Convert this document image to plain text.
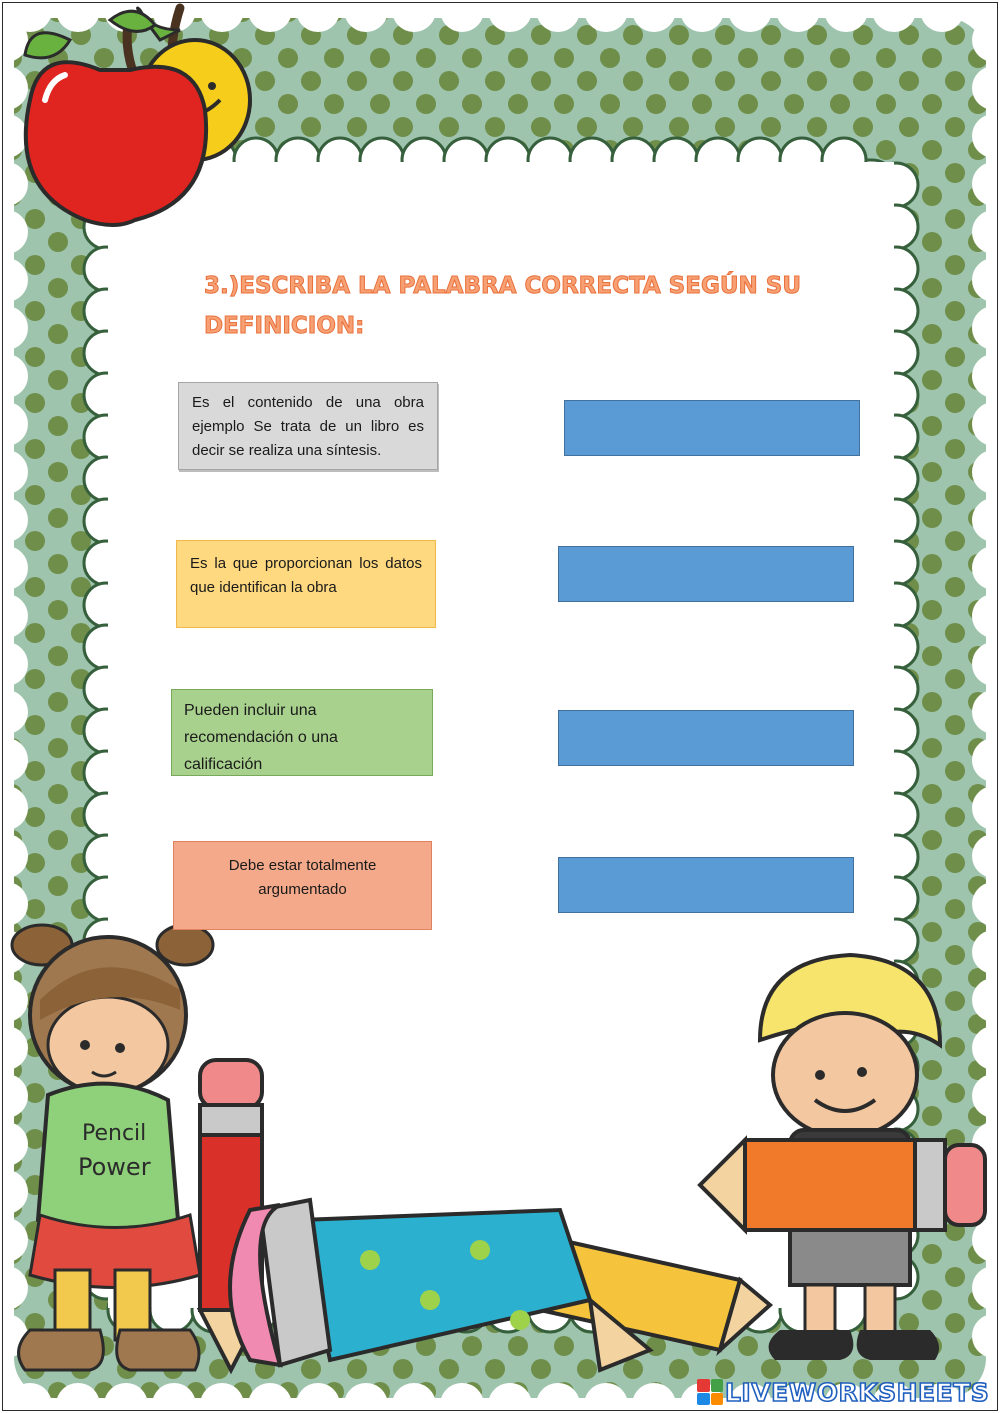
Pencil
Power
3.)ESCRIBA LA PALABRA CORRECTA SEGÚN SU DEFINICION:
Es el contenido de una obra ejemplo Se trata de un libro es decir se realiza una síntesis.
Es la que proporcionan los datos que identifican la obra
Pueden incluir una recomendación o una calificación
Debe estar totalmente argumentado
LIVEWORKSHEETS
